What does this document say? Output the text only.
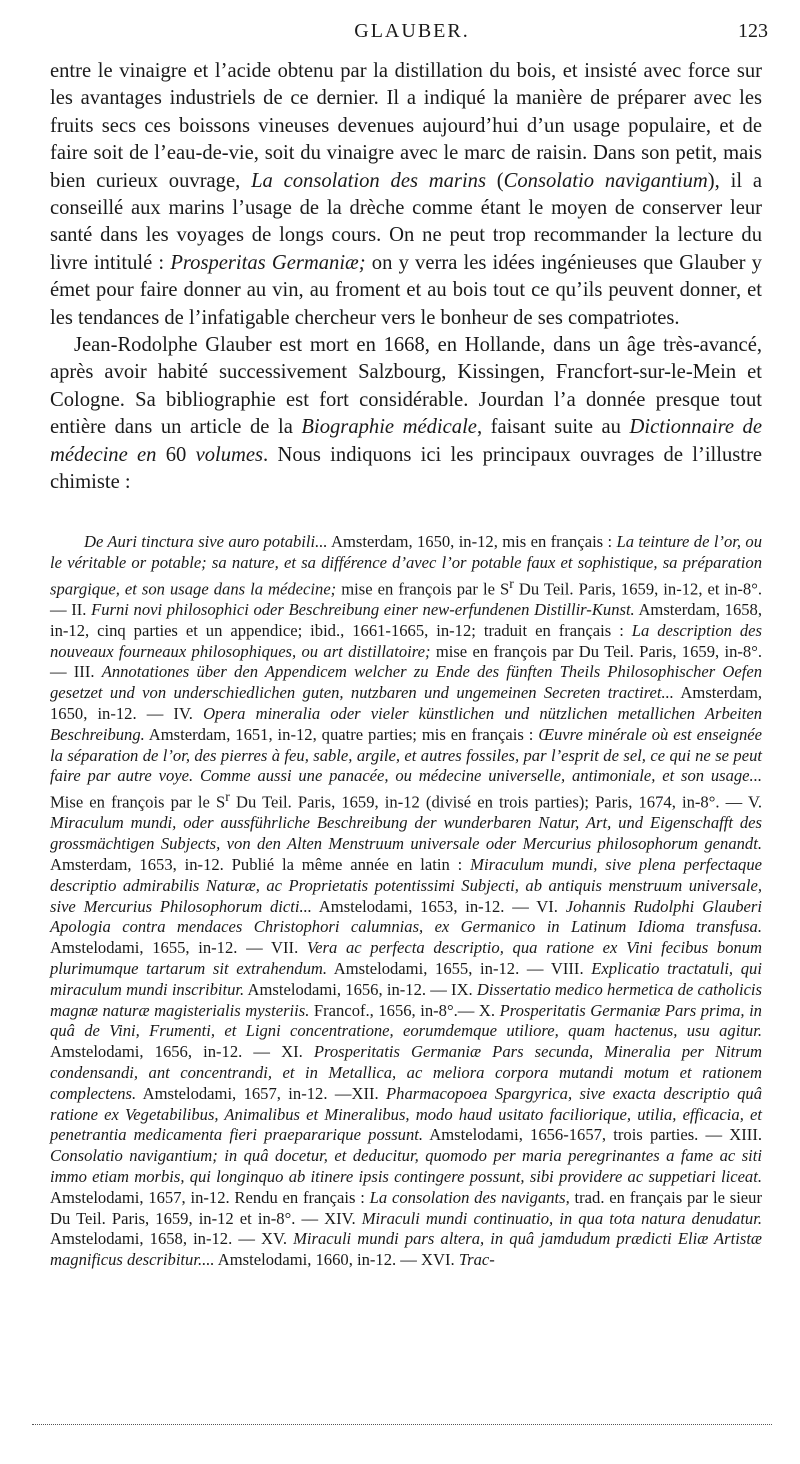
GLAUBER.	123

entre le vinaigre et l’acide obtenu par la distillation du bois, et insisté avec force sur les avantages industriels de ce dernier. Il a indiqué la manière de préparer avec les fruits secs ces boissons vineuses devenues aujourd’hui d’un usage populaire, et de faire soit de l’eau-de-vie, soit du vinaigre avec le marc de raisin. Dans son petit, mais bien curieux ouvrage, La consolation des marins (Consolatio navigantium), il a conseillé aux marins l’usage de la drèche comme étant le moyen de conserver leur santé dans les voyages de longs cours. On ne peut trop recommander la lecture du livre intitulé : Prosperitas Germaniæ; on y verra les idées ingénieuses que Glauber y émet pour faire donner au vin, au froment et au bois tout ce qu’ils peuvent donner, et les tendances de l’infatigable chercheur vers le bonheur de ses compatriotes.

Jean-Rodolphe Glauber est mort en 1668, en Hollande, dans un âge très-avancé, après avoir habité successivement Salzbourg, Kissingen, Francfort-sur-le-Mein et Cologne. Sa bibliographie est fort considérable. Jourdan l’a donnée presque tout entière dans un article de la Biographie médicale, faisant suite au Dictionnaire de médecine en 60 volumes. Nous indiquons ici les principaux ouvrages de l’illustre chimiste :

De Auri tinctura sive auro potabili... Amsterdam, 1650, in-12, mis en français : La teinture de l’or, ou le véritable or potable; sa nature, et sa différence d’avec l’or potable faux et sophistique, sa préparation spargique, et son usage dans la médecine; mise en françois par le $S^r$ Du Teil. Paris, 1659, in-12, et in-8°. — II. Furni novi philosophici oder Beschreibung einer new-erfundenen Distillir-Kunst. Amsterdam, 1658, in-12, cinq parties et un appendice; ibid., 1661-1665, in-12; traduit en français : La description des nouveaux fourneaux philosophiques, ou art distillatoire; mise en françois par Du Teil. Paris, 1659, in-8°. — III. Annotationes über den Appendicem welcher zu Ende des fünften Theils Philosophischer Oefen gesetzet und von underschiedlichen guten, nutzbaren und ungemeinen Secreten tractiret... Amsterdam, 1650, in-12. — IV. Opera mineralia oder vieler künstlichen und nützlichen metallichen Arbeiten Beschreibung. Amsterdam, 1651, in-12, quatre parties; mis en français : Œuvre minérale où est enseignée la séparation de l’or, des pierres à feu, sable, argile, et autres fossiles, par l’esprit de sel, ce qui ne se peut faire par autre voye. Comme aussi une panacée, ou médecine universelle, antimoniale, et son usage... Mise en françois par le $S^r$ Du Teil. Paris, 1659, in-12 (divisé en trois parties); Paris, 1674, in-8°. — V. Miraculum mundi, oder aussführliche Beschreibung der wunderbaren Natur, Art, und Eigenschafft des grossmächtigen Subjects, von den Alten Menstruum universale oder Mercurius philosophorum genandt. Amsterdam, 1653, in-12. Publié la même année en latin : Miraculum mundi, sive plena perfectaque descriptio admirabilis Naturæ, ac Proprietatis potentissimi Subjecti, ab antiquis menstruum universale, sive Mercurius Philosophorum dicti... Amstelodami, 1653, in-12. — VI. Johannis Rudolphi Glauberi Apologia contra mendaces Christophori calumnias, ex Germanico in Latinum Idioma transfusa. Amstelodami, 1655, in-12. — VII. Vera ac perfecta descriptio, qua ratione ex Vini fecibus bonum plurimumque tartarum sit extrahendum. Amstelodami, 1655, in-12. — VIII. Explicatio tractatuli, qui miraculum mundi inscribitur. Amstelodami, 1656, in-12. — IX. Dissertatio medico hermetica de catholicis magnæ naturæ magisterialis mysteriis. Francof., 1656, in-8°.— X. Prosperitatis Germaniæ Pars prima, in quâ de Vini, Frumenti, et Ligni concentratione, eorumdemque utiliore, quam hactenus, usu agitur. Amstelodami, 1656, in-12. — XI. Prosperitatis Germaniæ Pars secunda, Mineralia per Nitrum condensandi, ant concentrandi, et in Metallica, ac meliora corpora mutandi motum et rationem complectens. Amstelodami, 1657, in-12. —XII. Pharmacopoea Spargyrica, sive exacta descriptio quâ ratione ex Vegetabilibus, Animalibus et Mineralibus, modo haud usitato faciliorique, utilia, efficacia, et penetrantia medicamenta fieri praepararique possunt. Amstelodami, 1656-1657, trois parties. — XIII. Consolatio navigantium; in quâ docetur, et deducitur, quomodo per maria peregrinantes a fame ac siti immo etiam morbis, qui longinquo ab itinere ipsis contingere possunt, sibi providere ac suppetiari liceat. Amstelodami, 1657, in-12. Rendu en français : La consolation des navigants, trad. en français par le sieur Du Teil. Paris, 1659, in-12 et in-8°. — XIV. Miraculi mundi continuatio, in qua tota natura denudatur. Amstelodami, 1658, in-12. — XV. Miraculi mundi pars altera, in quâ jamdudum prædicti Eliæ Artistæ magnificus describitur.... Amstelodami, 1660, in-12. — XVI. Trac-
